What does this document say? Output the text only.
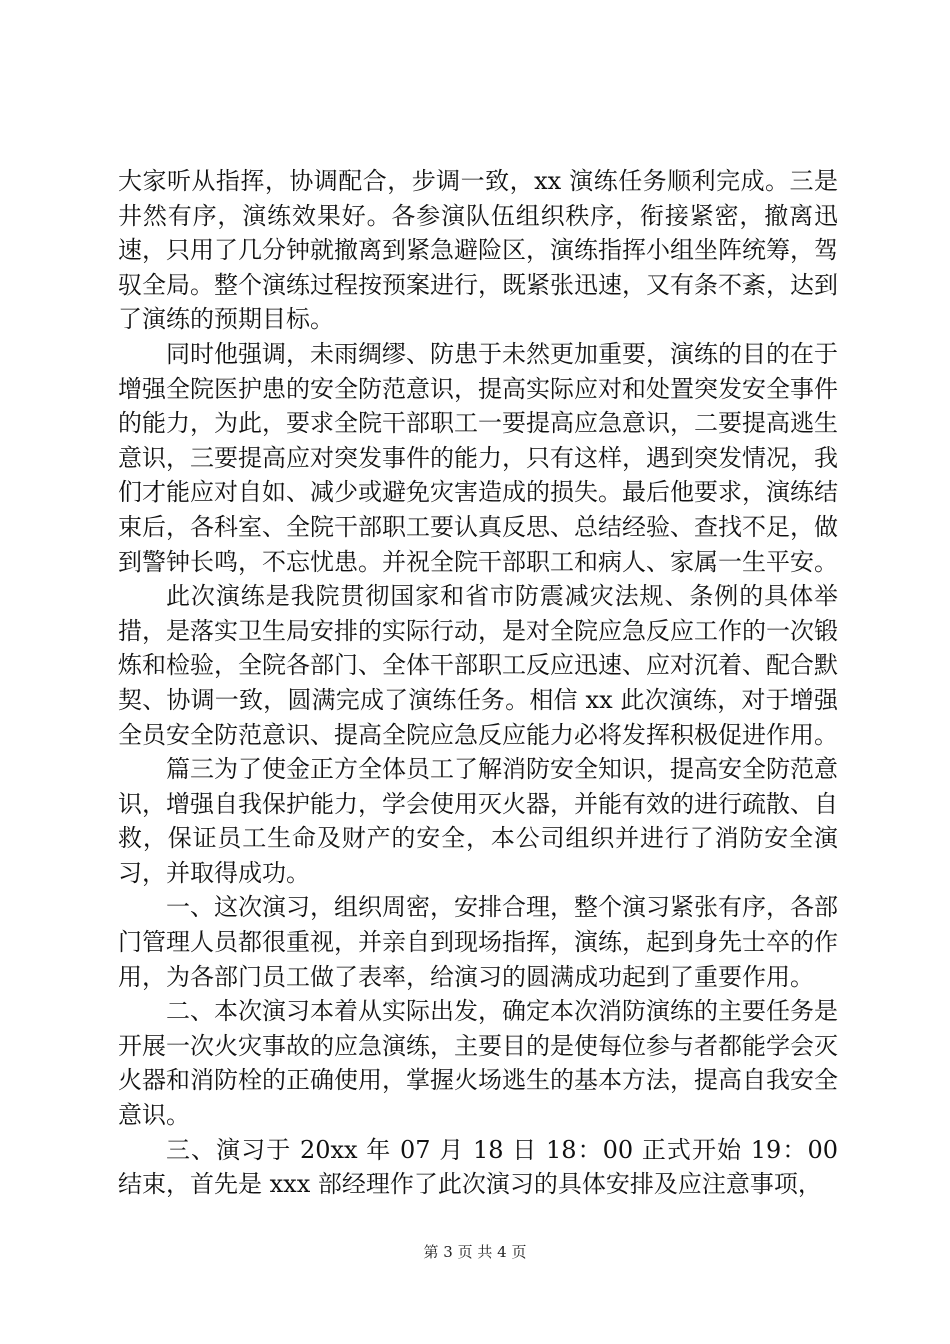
大家听从指挥，协调配合，步调一致，xx 演练任务顺利完成。三是井然有序，演练效果好。各参演队伍组织秩序，衔接紧密，撤离迅速，只用了几分钟就撤离到紧急避险区，演练指挥小组坐阵统筹，驾驭全局。整个演练过程按预案进行，既紧张迅速，又有条不紊，达到了演练的预期目标。

同时他强调，未雨绸缪、防患于未然更加重要，演练的目的在于增强全院医护患的安全防范意识，提高实际应对和处置突发安全事件的能力，为此，要求全院干部职工一要提高应急意识，二要提高逃生意识，三要提高应对突发事件的能力，只有这样，遇到突发情况，我们才能应对自如、减少或避免灾害造成的损失。最后他要求，演练结束后，各科室、全院干部职工要认真反思、总结经验、查找不足，做到警钟长鸣，不忘忧患。并祝全院干部职工和病人、家属一生平安。

此次演练是我院贯彻国家和省市防震减灾法规、条例的具体举措，是落实卫生局安排的实际行动，是对全院应急反应工作的一次锻炼和检验，全院各部门、全体干部职工反应迅速、应对沉着、配合默契、协调一致，圆满完成了演练任务。相信 xx 此次演练，对于增强全员安全防范意识、提高全院应急反应能力必将发挥积极促进作用。

篇三为了使金正方全体员工了解消防安全知识，提高安全防范意识，增强自我保护能力，学会使用灭火器，并能有效的进行疏散、自救，保证员工生命及财产的安全，本公司组织并进行了消防安全演习，并取得成功。

一、这次演习，组织周密，安排合理，整个演习紧张有序，各部门管理人员都很重视，并亲自到现场指挥，演练，起到身先士卒的作用，为各部门员工做了表率，给演习的圆满成功起到了重要作用。

二、本次演习本着从实际出发，确定本次消防演练的主要任务是开展一次火灾事故的应急演练，主要目的是使每位参与者都能学会灭火器和消防栓的正确使用，掌握火场逃生的基本方法，提高自我安全意识。

三、演习于 20xx 年 07 月 18 日 18：00 正式开始 19：00 结束，首先是 xxx 部经理作了此次演习的具体安排及应注意事项，

第 3 页 共 4 页
